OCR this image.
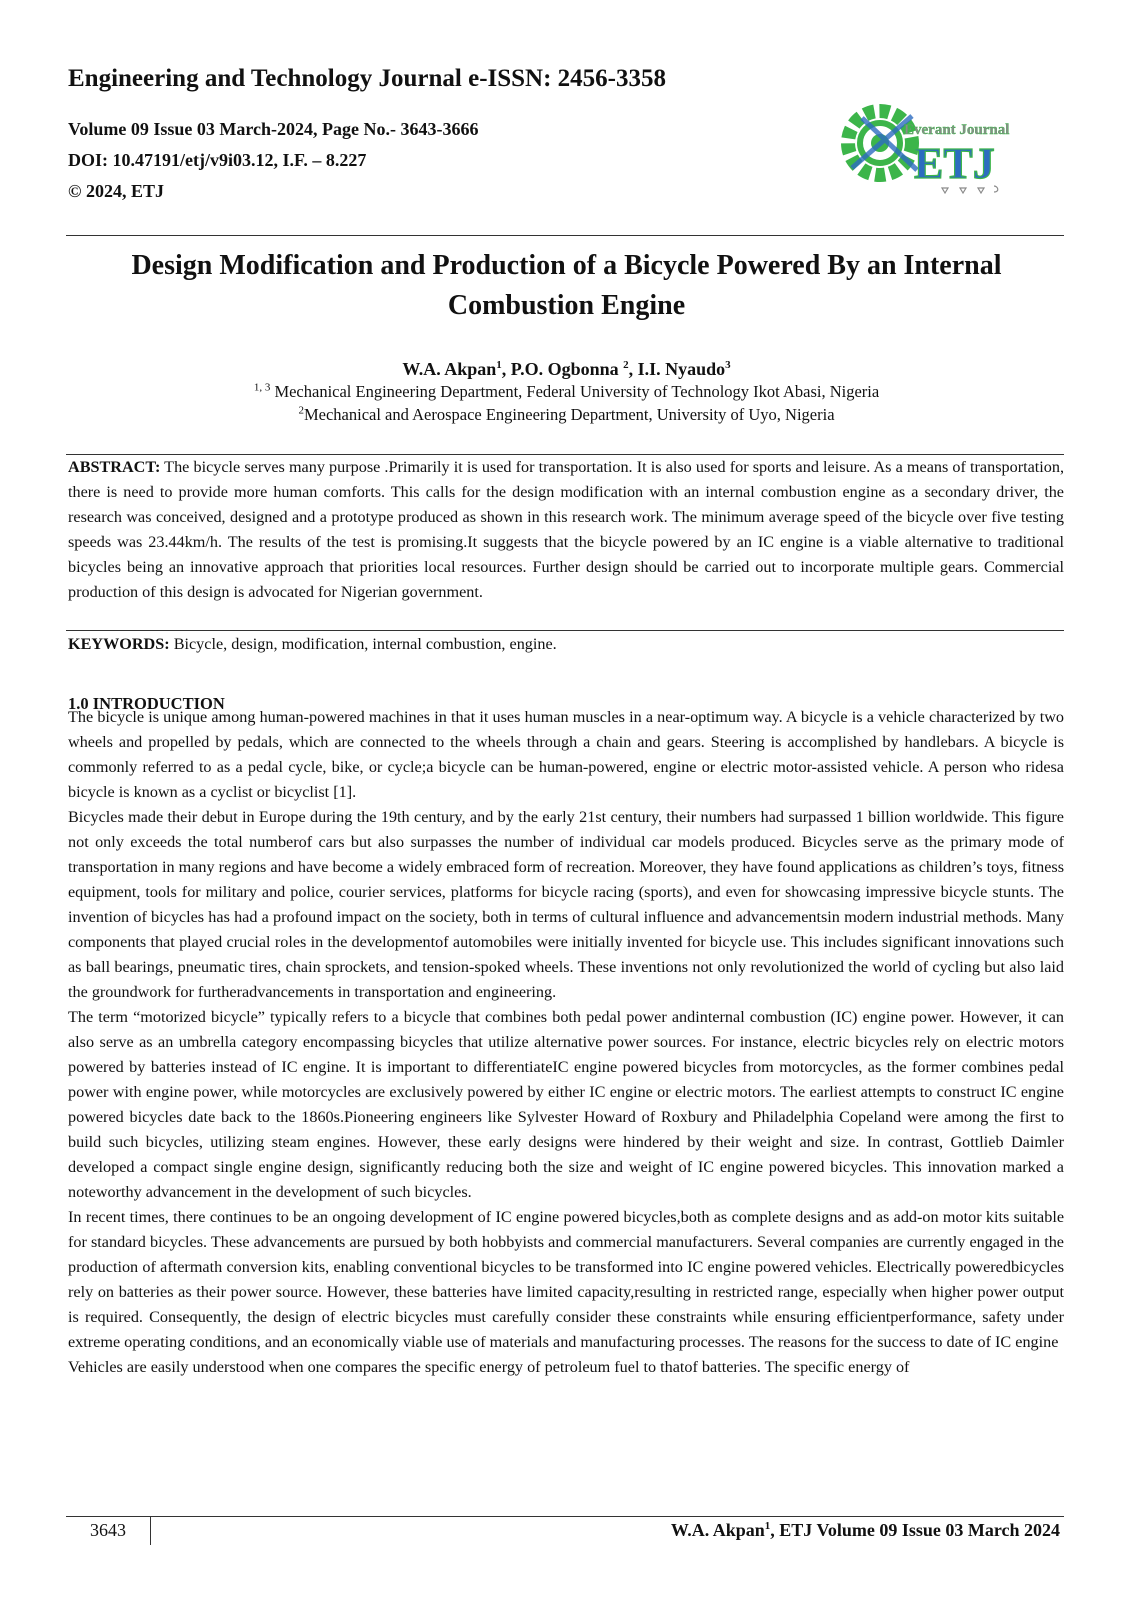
Engineering and Technology Journal e-ISSN: 2456-3358
Volume 09 Issue 03 March-2024, Page No.- 3643-3666
DOI: 10.47191/etj/v9i03.12, I.F. – 8.227
© 2024, ETJ
Everant Journal
ETJ
Design Modification and Production of a Bicycle Powered By an Internal
Combustion Engine
W.A. Akpan$^1$, P.O. Ogbonna $^2$, I.I. Nyaudo$^3$
$^{1, 3}$ Mechanical Engineering Department, Federal University of Technology Ikot Abasi, Nigeria
$^2$Mechanical and Aerospace Engineering Department, University of Uyo, Nigeria

ABSTRACT: The bicycle serves many purpose .Primarily it is used for transportation. It is also used for sports and leisure. As a means of transportation, there is need to provide more human comforts. This calls for the design modification with an internal combustion engine as a secondary driver, the research was conceived, designed and a prototype produced as shown in this research work. The minimum average speed of the bicycle over five testing speeds was 23.44km/h. The results of the test is promising.It suggests that the bicycle powered by an IC engine is a viable alternative to traditional bicycles being an innovative approach that priorities local resources. Further design should be carried out to incorporate multiple gears. Commercial production of this design is advocated for Nigerian government.

KEYWORDS: Bicycle, design, modification, internal combustion, engine.

1.0 INTRODUCTION

The bicycle is unique among human-powered machines in that it uses human muscles in a near-optimum way. A bicycle is a vehicle characterized by two wheels and propelled by pedals, which are connected to the wheels through a chain and gears. Steering is accomplished by handlebars. A bicycle is commonly referred to as a pedal cycle, bike, or cycle;a bicycle can be human-powered, engine or electric motor-assisted vehicle. A person who ridesa bicycle is known as a cyclist or bicyclist [1].

Bicycles made their debut in Europe during the 19th century, and by the early 21st century, their numbers had surpassed 1 billion worldwide. This figure not only exceeds the total numberof cars but also surpasses the number of individual car models produced. Bicycles serve as the primary mode of transportation in many regions and have become a widely embraced form of recreation. Moreover, they have found applications as children’s toys, fitness equipment, tools for military and police, courier services, platforms for bicycle racing (sports), and even for showcasing impressive bicycle stunts. The invention of bicycles has had a profound impact on the society, both in terms of cultural influence and advancementsin modern industrial methods. Many components that played crucial roles in the developmentof automobiles were initially invented for bicycle use. This includes significant innovations such as ball bearings, pneumatic tires, chain sprockets, and tension-spoked wheels. These inventions not only revolutionized the world of cycling but also laid the groundwork for furtheradvancements in transportation and engineering.

The term “motorized bicycle” typically refers to a bicycle that combines both pedal power andinternal combustion (IC) engine power. However, it can also serve as an umbrella category encompassing bicycles that utilize alternative power sources. For instance, electric bicycles rely on electric motors powered by batteries instead of IC engine. It is important to differentiateIC engine powered bicycles from motorcycles, as the former combines pedal power with engine power, while motorcycles are exclusively powered by either IC engine or electric motors. The earliest attempts to construct IC engine powered bicycles date back to the 1860s.Pioneering engineers like Sylvester Howard of Roxbury and Philadelphia Copeland were among the first to build such bicycles, utilizing steam engines. However, these early designs were hindered by their weight and size. In contrast, Gottlieb Daimler developed a compact single engine design, significantly reducing both the size and weight of IC engine powered bicycles. This innovation marked a noteworthy advancement in the development of such bicycles.

In recent times, there continues to be an ongoing development of IC engine powered bicycles,both as complete designs and as add-on motor kits suitable for standard bicycles. These advancements are pursued by both hobbyists and commercial manufacturers. Several companies are currently engaged in the production of aftermath conversion kits, enabling conventional bicycles to be transformed into IC engine powered vehicles. Electrically poweredbicycles rely on batteries as their power source. However, these batteries have limited capacity,resulting in restricted range, especially when higher power output is required. Consequently, the design of electric bicycles must carefully consider these constraints while ensuring efficientperformance, safety under extreme operating conditions, and an economically viable use of materials and manufacturing processes. The reasons for the success to date of IC engine

Vehicles are easily understood when one compares the specific energy of petroleum fuel to thatof batteries. The specific energy of

3643	W.A. Akpan$^1$, ETJ Volume 09 Issue 03 March 2024
